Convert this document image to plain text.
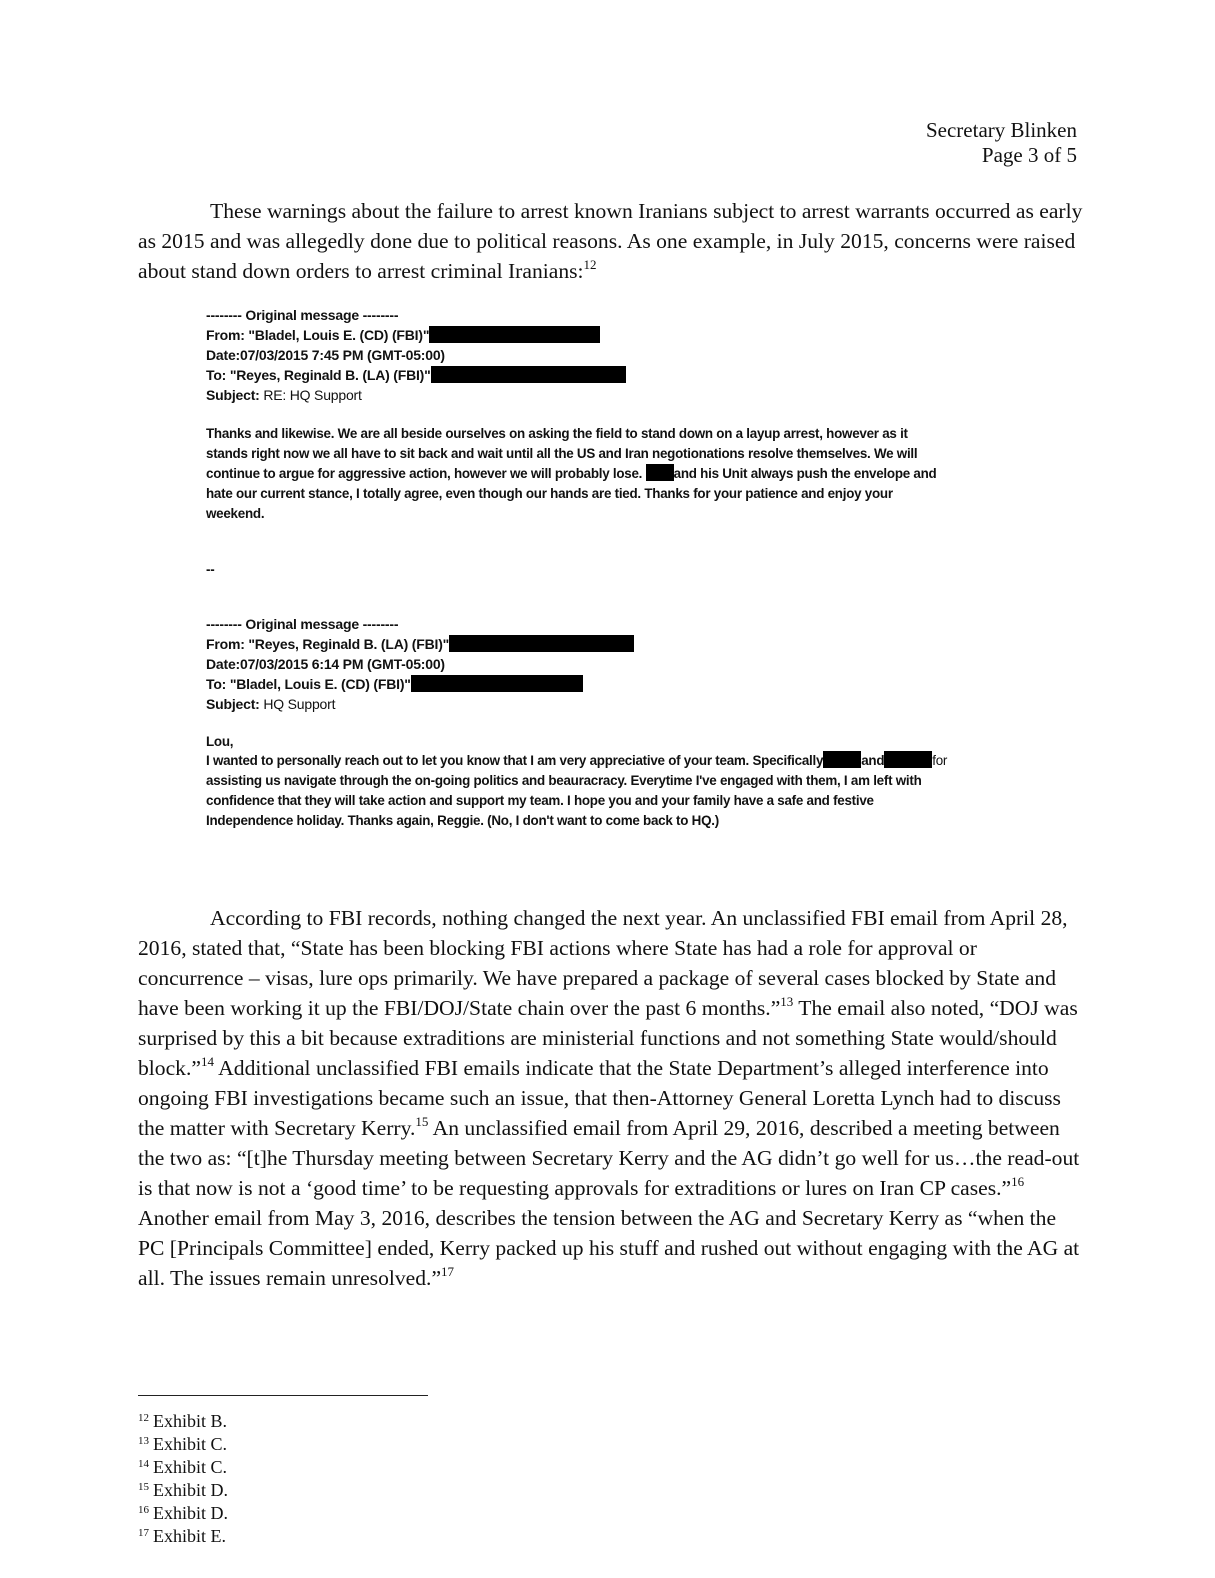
Secretary Blinken
Page 3 of 5

These warnings about the failure to arrest known Iranians subject to arrest warrants occurred as early as 2015 and was allegedly done due to political reasons. As one example, in July 2015, concerns were raised about stand down orders to arrest criminal Iranians:$^{12}$

-------- Original message --------
From: "Bladel, Louis E. (CD) (FBI)"
Date:07/03/2015 7:45 PM (GMT-05:00)
To: "Reyes, Reginald B. (LA) (FBI)"
Subject: RE: HQ Support
Thanks and likewise. We are all beside ourselves on asking the field to stand down on a layup arrest, however as it
stands right now we all have to sit back and wait until all the US and Iran negotionations resolve themselves. We will
continue to argue for aggressive action, however we will probably lose. and his Unit always push the envelope and
hate our current stance, I totally agree, even though our hands are tied. Thanks for your patience and enjoy your
weekend.
--
-------- Original message --------
From: "Reyes, Reginald B. (LA) (FBI)"
Date:07/03/2015 6:14 PM (GMT-05:00)
To: "Bladel, Louis E. (CD) (FBI)"
Subject: HQ Support
Lou,
I wanted to personally reach out to let you know that I am very appreciative of your team. Specifically	and	for
assisting us navigate through the on-going politics and beauracracy. Everytime I've engaged with them, I am left with
confidence that they will take action and support my team. I hope you and your family have a safe and festive
Independence holiday. Thanks again, Reggie. (No, I don't want to come back to HQ.)

According to FBI records, nothing changed the next year. An unclassified FBI email from April 28, 2016, stated that, “State has been blocking FBI actions where State has had a role for approval or concurrence – visas, lure ops primarily. We have prepared a package of several cases blocked by State and have been working it up the FBI/DOJ/State chain over the past 6 months.”$^{13}$ The email also noted, “DOJ was surprised by this a bit because extraditions are ministerial functions and not something State would/should block.”$^{14}$ Additional unclassified FBI emails indicate that the State Department’s alleged interference into ongoing FBI investigations became such an issue, that then-Attorney General Loretta Lynch had to discuss the matter with Secretary Kerry.$^{15}$ An unclassified email from April 29, 2016, described a meeting between the two as: “[t]he Thursday meeting between Secretary Kerry and the AG didn’t go well for us…the read-out is that now is not a ‘good time’ to be requesting approvals for extraditions or lures on Iran CP cases.”$^{16}$ Another email from May 3, 2016, describes the tension between the AG and Secretary Kerry as “when the PC [Principals Committee] ended, Kerry packed up his stuff and rushed out without engaging with the AG at all. The issues remain unresolved.”$^{17}$

$^{12}$ Exhibit B.
$^{13}$ Exhibit C.
$^{14}$ Exhibit C.
$^{15}$ Exhibit D.
$^{16}$ Exhibit D.
$^{17}$ Exhibit E.
